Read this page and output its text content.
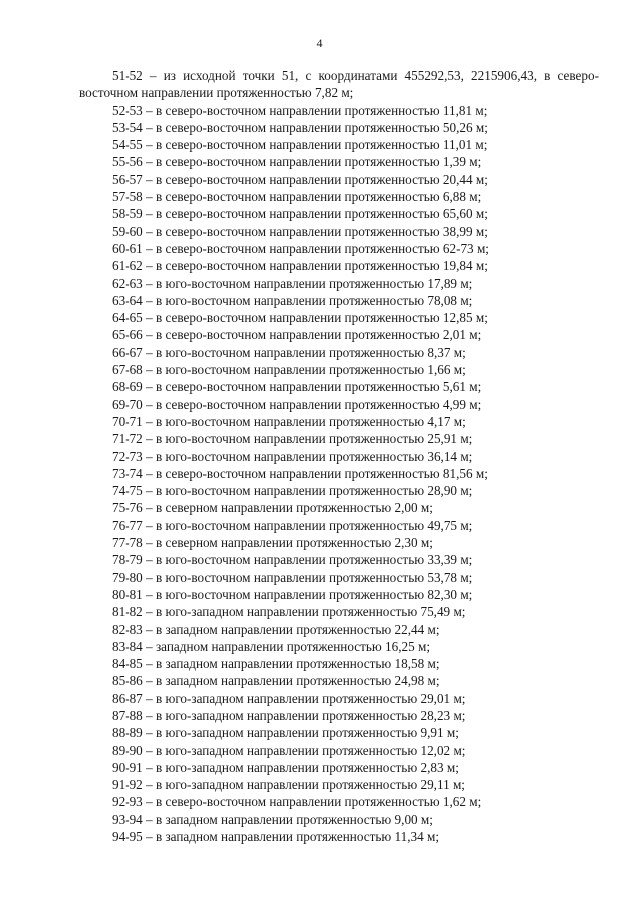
4

51-52 – из исходной точки 51, с координатами 455292,53, 2215906,43, в северо-восточном направлении протяженностью 7,82 м;

52-53 – в северо-восточном направлении протяженностью 11,81 м;
53-54 – в северо-восточном направлении протяженностью 50,26 м;
54-55 – в северо-восточном направлении протяженностью 11,01 м;
55-56 – в северо-восточном направлении протяженностью 1,39 м;
56-57 – в северо-восточном направлении протяженностью 20,44 м;
57-58 – в северо-восточном направлении протяженностью 6,88 м;
58-59 – в северо-восточном направлении протяженностью 65,60 м;
59-60 – в северо-восточном направлении протяженностью 38,99 м;
60-61 – в северо-восточном направлении протяженностью 62-73 м;
61-62 – в северо-восточном направлении протяженностью 19,84 м;
62-63 – в юго-восточном направлении протяженностью 17,89 м;
63-64 – в юго-восточном направлении протяженностью 78,08 м;
64-65 – в северо-восточном направлении протяженностью 12,85 м;
65-66 – в северо-восточном направлении протяженностью 2,01 м;
66-67 – в юго-восточном направлении протяженностью 8,37 м;
67-68 – в юго-восточном направлении протяженностью 1,66 м;
68-69 – в северо-восточном направлении протяженностью 5,61 м;
69-70 – в северо-восточном направлении протяженностью 4,99 м;
70-71 – в юго-восточном направлении протяженностью 4,17 м;
71-72 – в юго-восточном направлении протяженностью 25,91 м;
72-73 – в юго-восточном направлении протяженностью 36,14 м;
73-74 – в северо-восточном направлении протяженностью 81,56 м;
74-75 – в юго-восточном направлении протяженностью 28,90 м;
75-76 – в северном направлении протяженностью 2,00 м;
76-77 – в юго-восточном направлении протяженностью 49,75 м;
77-78 – в северном направлении протяженностью 2,30 м;
78-79 – в юго-восточном направлении протяженностью 33,39 м;
79-80 – в юго-восточном направлении протяженностью 53,78 м;
80-81 – в юго-восточном направлении протяженностью 82,30 м;
81-82 – в юго-западном направлении протяженностью 75,49 м;
82-83 – в западном направлении протяженностью 22,44 м;
83-84 – западном направлении протяженностью 16,25 м;
84-85 – в западном направлении протяженностью 18,58 м;
85-86 – в западном направлении протяженностью 24,98 м;
86-87 – в юго-западном направлении протяженностью 29,01 м;
87-88 – в юго-западном направлении протяженностью 28,23 м;
88-89 – в юго-западном направлении протяженностью 9,91 м;
89-90 – в юго-западном направлении протяженностью 12,02 м;
90-91 – в юго-западном направлении протяженностью 2,83 м;
91-92 – в юго-западном направлении протяженностью 29,11 м;
92-93 – в северо-восточном направлении протяженностью 1,62 м;
93-94 – в западном направлении протяженностью 9,00 м;
94-95 – в западном направлении протяженностью 11,34 м;
